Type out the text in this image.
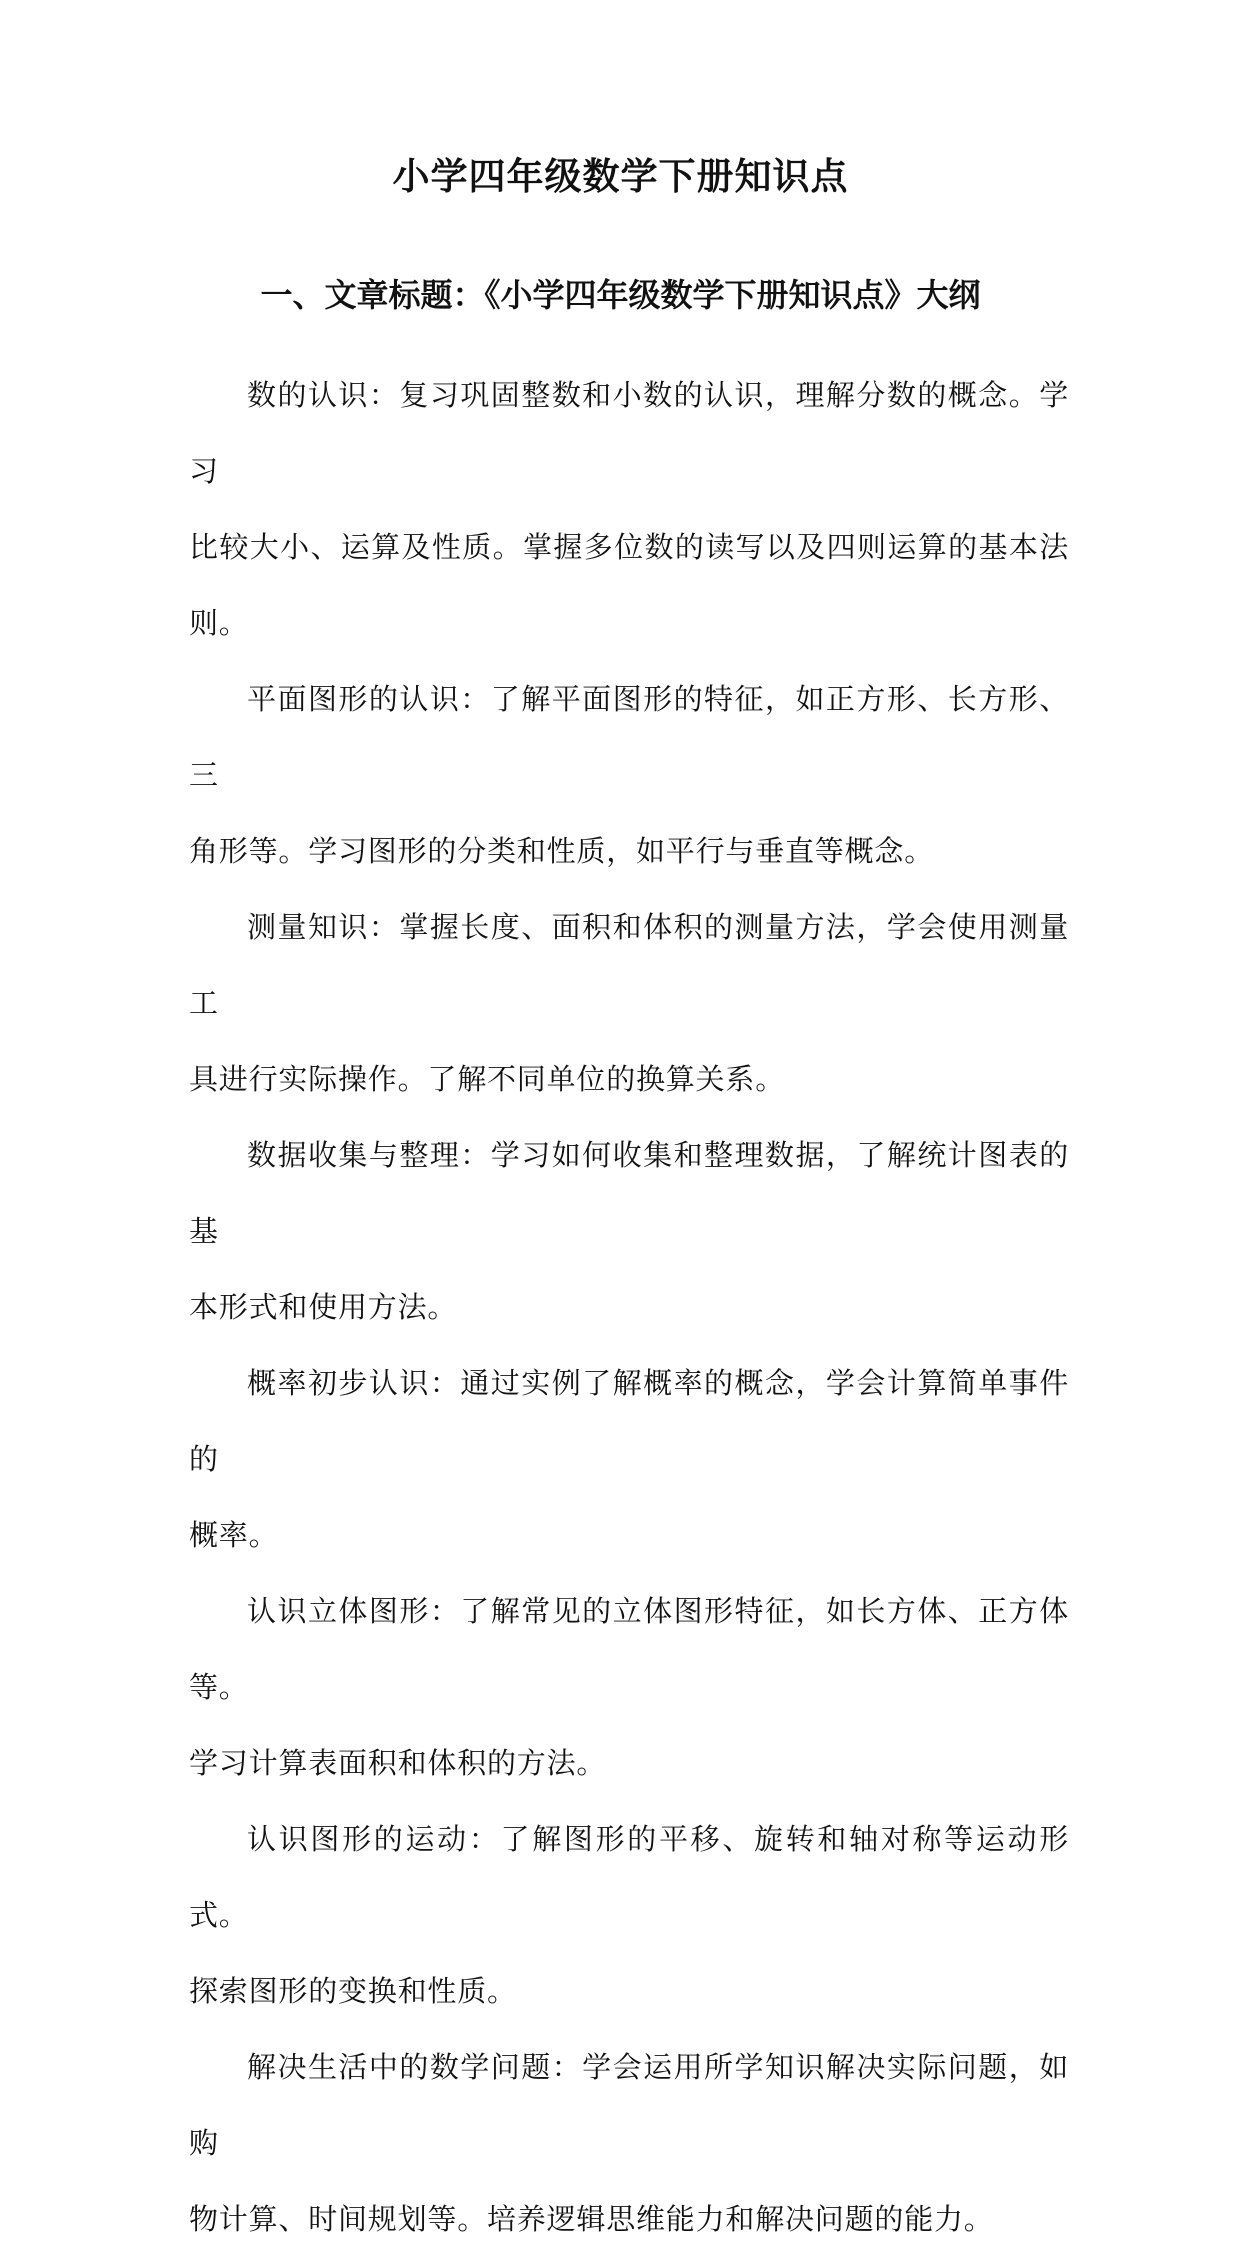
小学四年级数学下册知识点
一、文章标题：《小学四年级数学下册知识点》大纲

数的认识：复习巩固整数和小数的认识，理解分数的概念。学习
比较大小、运算及性质。掌握多位数的读写以及四则运算的基本法则。

平面图形的认识：了解平面图形的特征，如正方形、长方形、三
角形等。学习图形的分类和性质，如平行与垂直等概念。

测量知识：掌握长度、面积和体积的测量方法，学会使用测量工
具进行实际操作。了解不同单位的换算关系。

数据收集与整理：学习如何收集和整理数据，了解统计图表的基
本形式和使用方法。

概率初步认识：通过实例了解概率的概念，学会计算简单事件的
概率。

认识立体图形：了解常见的立体图形特征，如长方体、正方体等。
学习计算表面积和体积的方法。

认识图形的运动：了解图形的平移、旋转和轴对称等运动形式。
探索图形的变换和性质。

解决生活中的数学问题：学会运用所学知识解决实际问题，如购
物计算、时间规划等。培养逻辑思维能力和解决问题的能力。
